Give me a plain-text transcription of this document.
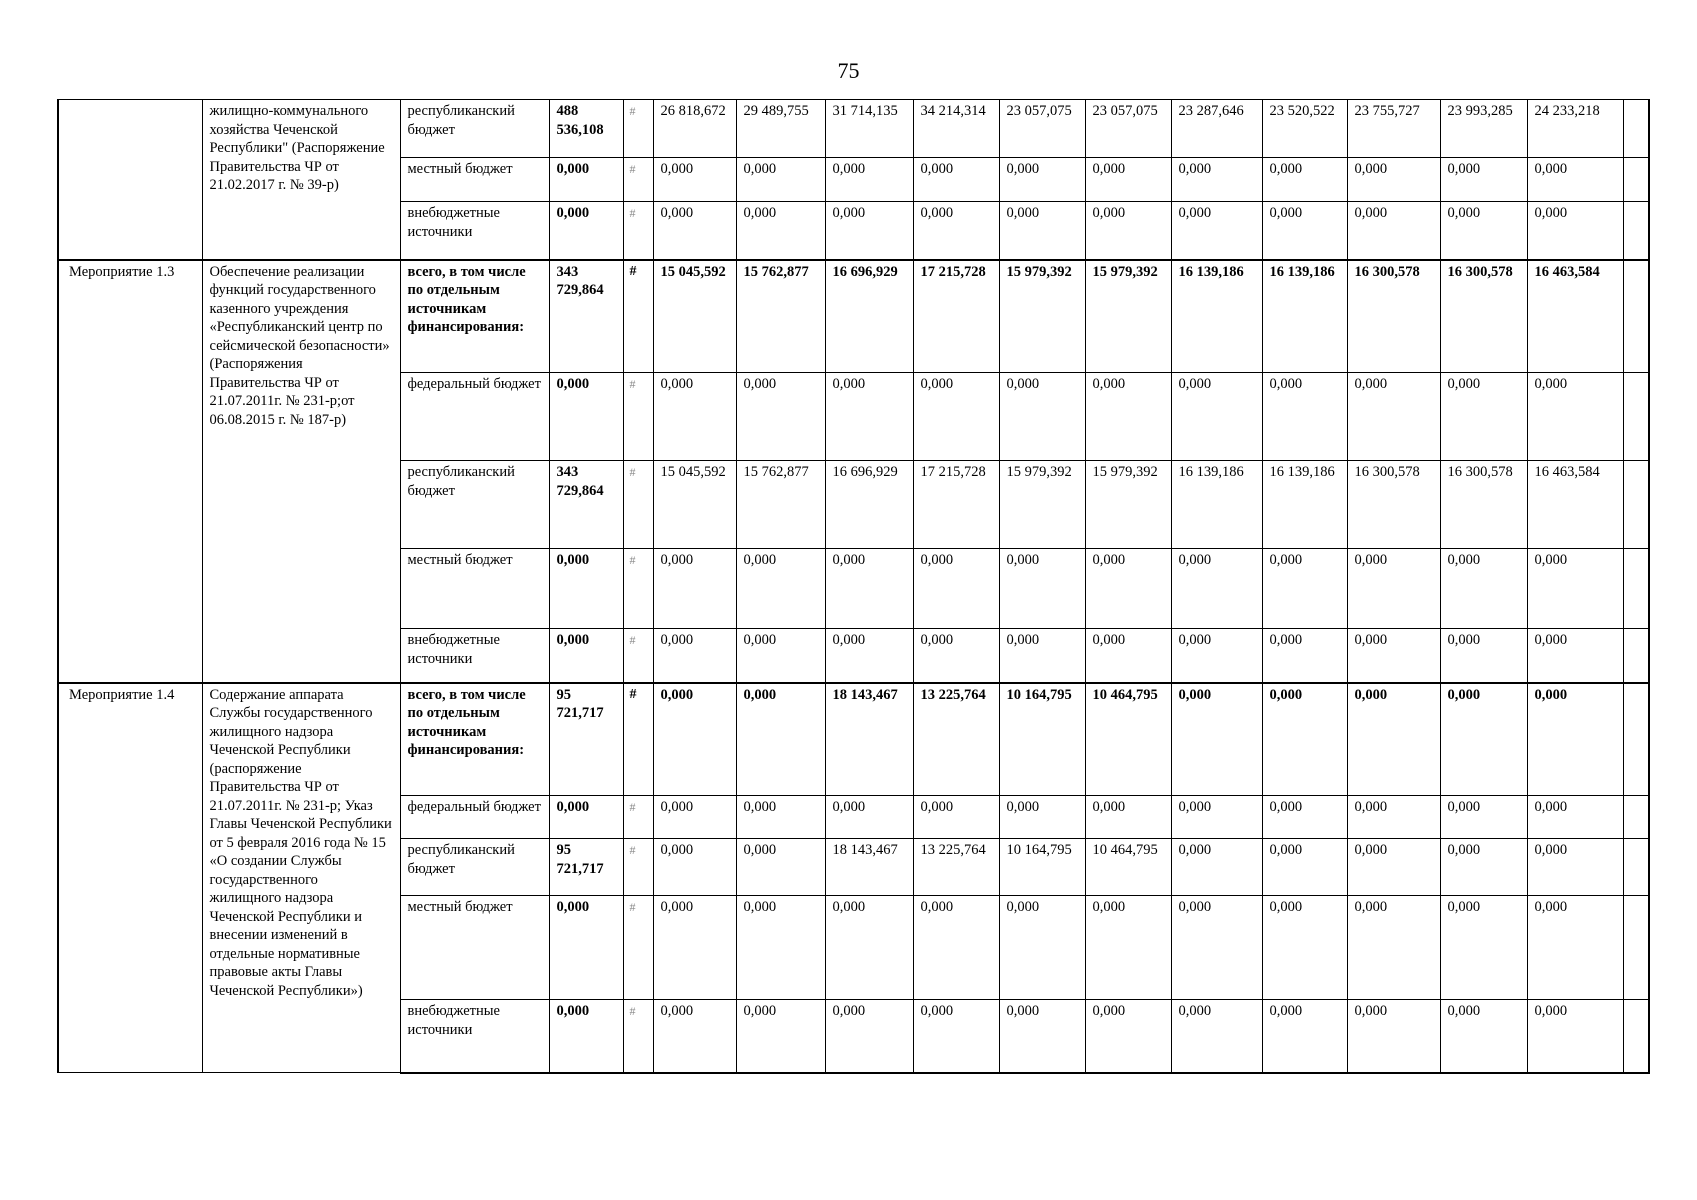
75
	жилищно-коммунального хозяйства Чеченской Республики" (Распоряжение Правительства ЧР от 21.02.2017 г. № 39-р)	республиканский бюджет	488 536,108	#	26 818,672	29 489,755	31 714,135	34 214,314	23 057,075	23 057,075	23 287,646	23 520,522	23 755,727	23 993,285	24 233,218	
		местный бюджет	0,000	#	0,000	0,000	0,000	0,000	0,000	0,000	0,000	0,000	0,000	0,000	0,000	
		внебюджетные источники	0,000	#	0,000	0,000	0,000	0,000	0,000	0,000	0,000	0,000	0,000	0,000	0,000	
Мероприятие 1.3	Обеспечение реализации функций государственного казенного учреждения «Республиканский центр по сейсмической безопасности» (Распоряжения Правительства ЧР от 21.07.2011г. № 231-р;от 06.08.2015 г. № 187-р)	всего, в том числе по отдельным источникам финансирования:	343 729,864	#	15 045,592	15 762,877	16 696,929	17 215,728	15 979,392	15 979,392	16 139,186	16 139,186	16 300,578	16 300,578	16 463,584	
		федеральный бюджет	0,000	#	0,000	0,000	0,000	0,000	0,000	0,000	0,000	0,000	0,000	0,000	0,000	
		республиканский бюджет	343 729,864	#	15 045,592	15 762,877	16 696,929	17 215,728	15 979,392	15 979,392	16 139,186	16 139,186	16 300,578	16 300,578	16 463,584	
		местный бюджет	0,000	#	0,000	0,000	0,000	0,000	0,000	0,000	0,000	0,000	0,000	0,000	0,000	
		внебюджетные источники	0,000	#	0,000	0,000	0,000	0,000	0,000	0,000	0,000	0,000	0,000	0,000	0,000	
Мероприятие 1.4	Содержание аппарата Службы государственного жилищного надзора Чеченской Республики (распоряжение Правительства ЧР от 21.07.2011г. № 231-р; Указ Главы Чеченской Республики от 5 февраля 2016 года № 15 «О создании Службы государственного жилищного надзора Чеченской Республики и внесении изменений в отдельные нормативные правовые акты Главы Чеченской Республики»)	всего, в том числе по отдельным источникам финансирования:	95 721,717	#	0,000	0,000	18 143,467	13 225,764	10 164,795	10 464,795	0,000	0,000	0,000	0,000	0,000	
		федеральный бюджет	0,000	#	0,000	0,000	0,000	0,000	0,000	0,000	0,000	0,000	0,000	0,000	0,000	
		республиканский бюджет	95 721,717	#	0,000	0,000	18 143,467	13 225,764	10 164,795	10 464,795	0,000	0,000	0,000	0,000	0,000	
		местный бюджет	0,000	#	0,000	0,000	0,000	0,000	0,000	0,000	0,000	0,000	0,000	0,000	0,000	
		внебюджетные источники	0,000	#	0,000	0,000	0,000	0,000	0,000	0,000	0,000	0,000	0,000	0,000	0,000	
